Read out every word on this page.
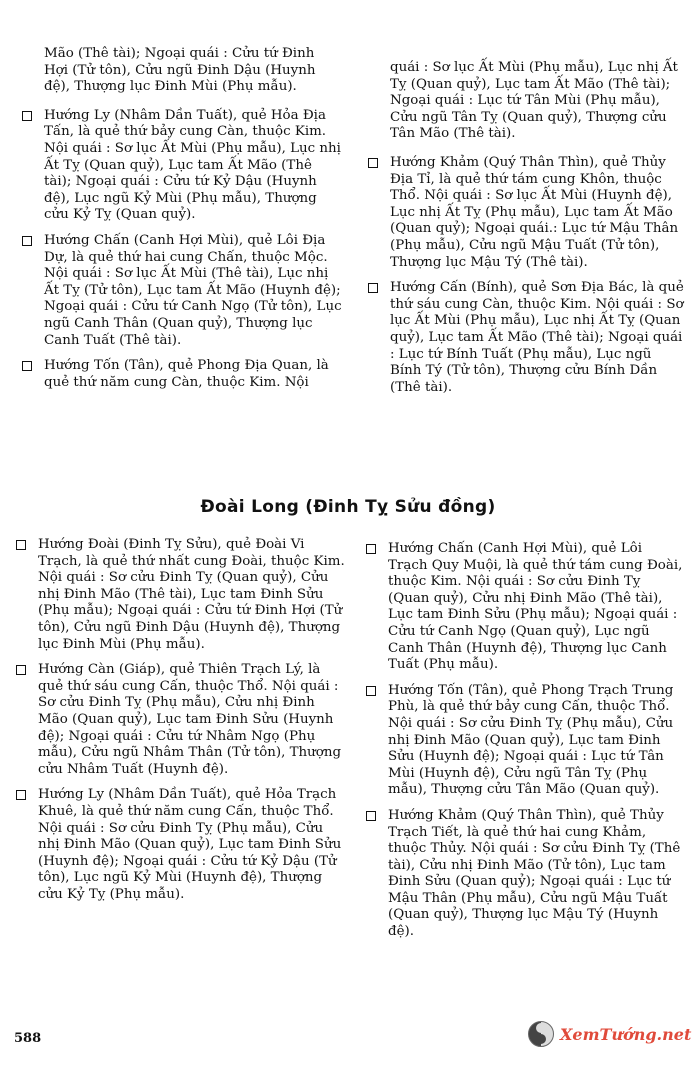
Mão (Thê tài); Ngoại quái : Cửu tứ Đinh Hợi (Tử tôn), Cửu ngũ Đinh Dậu (Huynh đệ), Thượng lục Đinh Mùi (Phụ mẫu).
Hướng Ly (Nhâm Dần Tuất), quẻ Hỏa Địa Tấn, là quẻ thứ bảy cung Càn, thuộc Kim. Nội quái : Sơ lục Ất Mùi (Phụ mẫu), Lục nhị Ất Tỵ (Quan quỷ), Lục tam Ất Mão (Thê tài); Ngoại quái : Cửu tứ Kỷ Dậu (Huynh đệ), Lục ngũ Kỷ Mùi (Phụ mẫu), Thượng cửu Kỷ Tỵ (Quan quỷ).
Hướng Chấn (Canh Hợi Mùi), quẻ Lôi Địa Dự, là quẻ thứ hai cung Chấn, thuộc Mộc. Nội quái : Sơ lục Ất Mùi (Thê tài), Lục nhị Ất Tỵ (Tử tôn), Lục tam Ất Mão (Huynh đệ); Ngoại quái : Cửu tứ Canh Ngọ (Tử tôn), Lục ngũ Canh Thân (Quan quỷ), Thượng lục Canh Tuất (Thê tài).
Hướng Tốn (Tân), quẻ Phong Địa Quan, là quẻ thứ năm cung Càn, thuộc Kim. Nội
quái : Sơ lục Ất Mùi (Phụ mẫu), Lục nhị Ất Tỵ (Quan quỷ), Lục tam Ất Mão (Thê tài); Ngoại quái : Lục tứ Tân Mùi (Phụ mẫu), Cửu ngũ Tân Tỵ (Quan quỷ), Thượng cửu Tân Mão (Thê tài).
Hướng Khảm (Quý Thân Thìn), quẻ Thủy Địa Tỉ, là quẻ thứ tám cung Khôn, thuộc Thổ. Nội quái : Sơ lục Ất Mùi (Huynh đệ), Lục nhị Ất Tỵ (Phụ mẫu), Lục tam Ất Mão (Quan quỷ); Ngoại quái.: Lục tứ Mậu Thân (Phụ mẫu), Cửu ngũ Mậu Tuất (Tử tôn), Thượng lục Mậu Tý (Thê tài).
Hướng Cấn (Bính), quẻ Sơn Địa Bác, là quẻ thứ sáu cung Càn, thuộc Kim. Nội quái : Sơ lục Ất Mùi (Phụ mẫu), Lục nhị Ất Tỵ (Quan quỷ), Lục tam Ất Mão (Thê tài); Ngoại quái : Lục tứ Bính Tuất (Phụ mẫu), Lục ngũ Bính Tý (Tử tôn), Thượng cửu Bính Dần (Thê tài).
Đoài Long (Đinh Tỵ Sửu đồng)
Hướng Đoài (Đinh Tỵ Sửu), quẻ Đoài Vi Trạch, là quẻ thứ nhất cung Đoài, thuộc Kim. Nội quái : Sơ cửu Đinh Tỵ (Quan quỷ), Cửu nhị Đinh Mão (Thê tài), Lục tam Đinh Sửu (Phụ mẫu); Ngoại quái : Cửu tứ Đinh Hợi (Tử tôn), Cửu ngũ Đinh Dậu (Huynh đệ), Thượng lục Đinh Mùi (Phụ mẫu).
Hướng Càn (Giáp), quẻ Thiên Trạch Lý, là quẻ thứ sáu cung Cấn, thuộc Thổ. Nội quái : Sơ cửu Đinh Tỵ (Phụ mẫu), Cửu nhị Đinh Mão (Quan quỷ), Lục tam Đinh Sửu (Huynh đệ); Ngoại quái : Cửu tứ Nhâm Ngọ (Phụ mẫu), Cửu ngũ Nhâm Thân (Tử tôn), Thượng cửu Nhâm Tuất (Huynh đệ).
Hướng Ly (Nhâm Dần Tuất), quẻ Hỏa Trạch Khuê, là quẻ thứ năm cung Cấn, thuộc Thổ. Nội quái : Sơ cửu Đinh Tỵ (Phụ mẫu), Cửu nhị Đinh Mão (Quan quỷ), Lục tam Đinh Sửu (Huynh đệ); Ngoại quái : Cửu tứ Kỷ Dậu (Tử tôn), Lục ngũ Kỷ Mùi (Huynh đệ), Thượng cửu Kỷ Tỵ (Phụ mẫu).
Hướng Chấn (Canh Hợi Mùi), quẻ Lôi Trạch Quy Muội, là quẻ thứ tám cung Đoài, thuộc Kim. Nội quái : Sơ cửu Đinh Tỵ (Quan quỷ), Cửu nhị Đinh Mão (Thê tài), Lục tam Đinh Sửu (Phụ mẫu); Ngoại quái : Cửu tứ Canh Ngọ (Quan quỷ), Lục ngũ Canh Thân (Huynh đệ), Thượng lục Canh Tuất (Phụ mẫu).
Hướng Tốn (Tân), quẻ Phong Trạch Trung Phù, là quẻ thứ bảy cung Cấn, thuộc Thổ. Nội quái : Sơ cửu Đinh Tỵ (Phụ mẫu), Cửu nhị Đinh Mão (Quan quỷ), Lục tam Đinh Sửu (Huynh đệ); Ngoại quái : Lục tứ Tân Mùi (Huynh đệ), Cửu ngũ Tân Tỵ (Phụ mẫu), Thượng cửu Tân Mão (Quan quỷ).
Hướng Khảm (Quý Thân Thìn), quẻ Thủy Trạch Tiết, là quẻ thứ hai cung Khảm, thuộc Thủy. Nội quái : Sơ cửu Đinh Tỵ (Thê tài), Cửu nhị Đinh Mão (Tử tôn), Lục tam Đinh Sửu (Quan quỷ); Ngoại quái : Lục tứ Mậu Thân (Phụ mẫu), Cửu ngũ Mậu Tuất (Quan quỷ), Thượng lục Mậu Tý (Huynh đệ).
588	XemTướng.net
